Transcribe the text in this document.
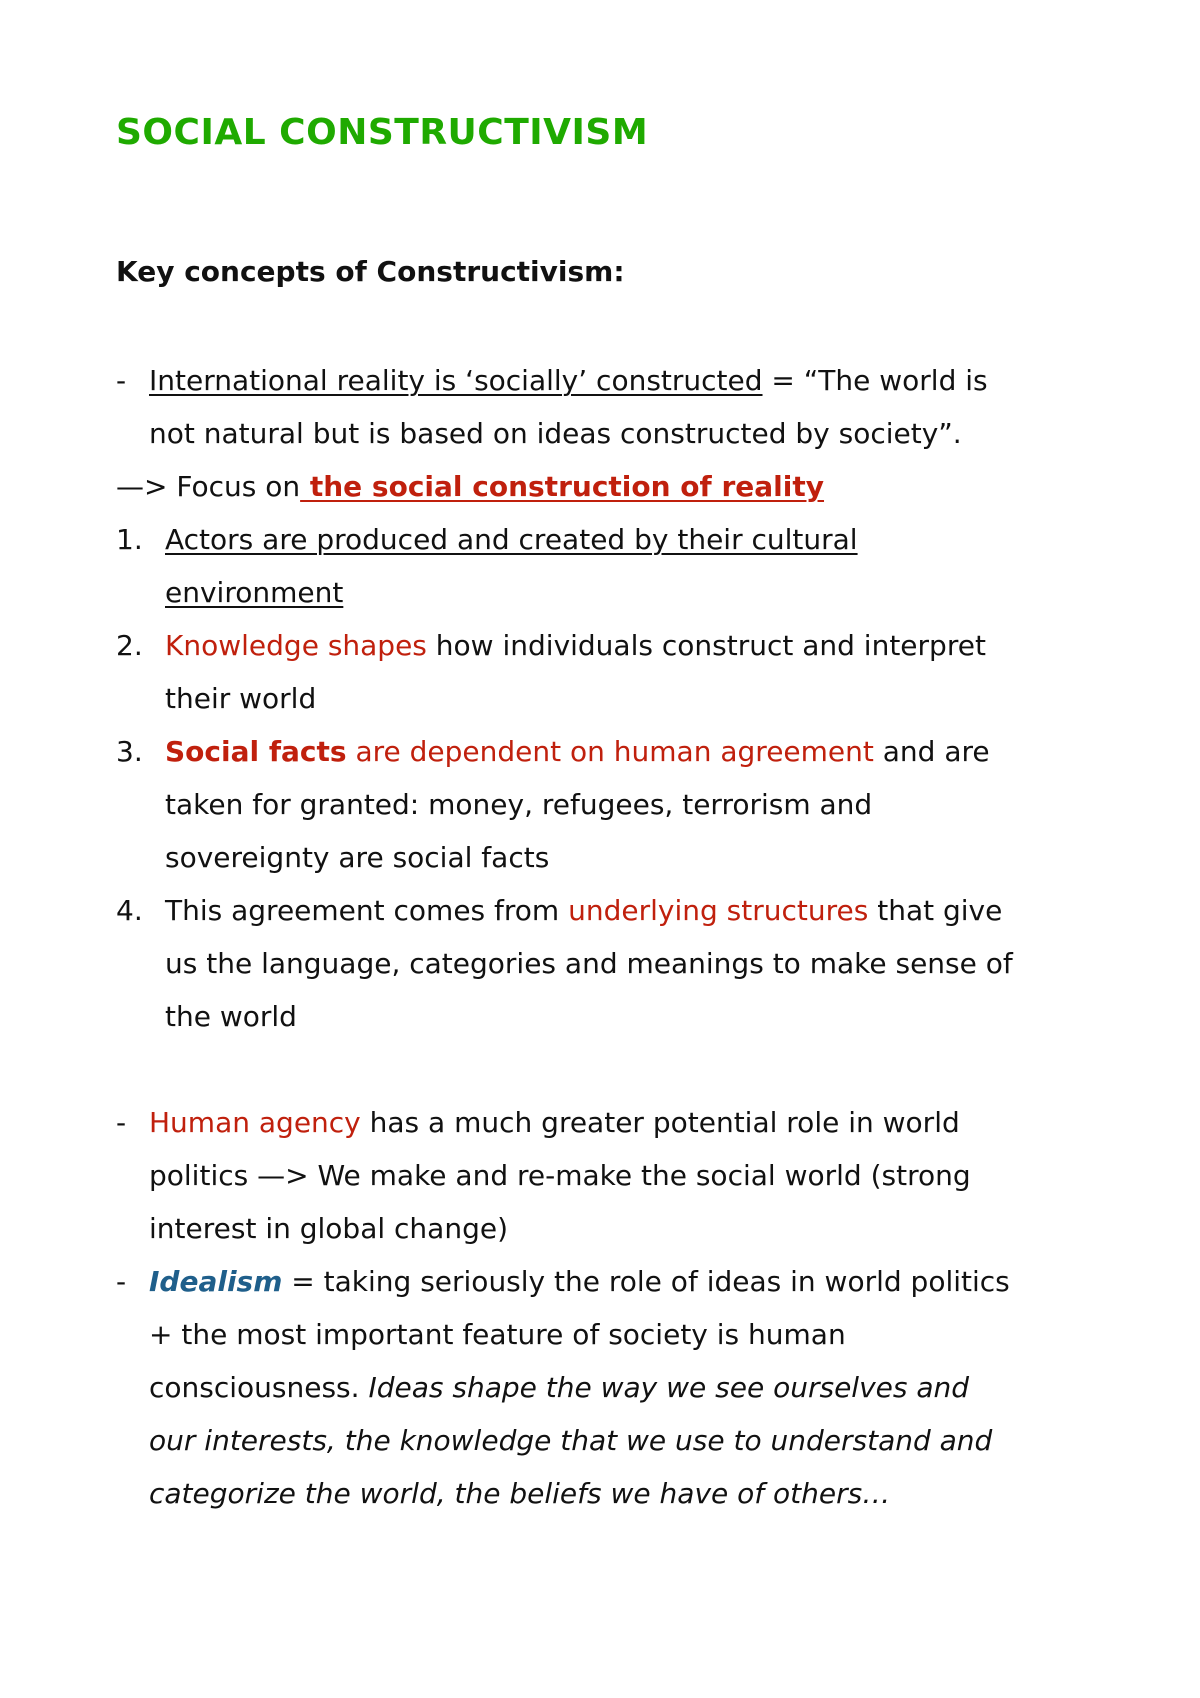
SOCIAL CONSTRUCTIVISM
Key concepts of Constructivism:
- International reality is ‘socially’ constructed = “The world is
not natural but is based on ideas constructed by society”.
—> Focus on the social construction of reality
1. Actors are produced and created by their cultural
environment
2. Knowledge shapes how individuals construct and interpret
their world
3. Social facts are dependent on human agreement and are
taken for granted: money, refugees, terrorism and
sovereignty are social facts
4. This agreement comes from underlying structures that give
us the language, categories and meanings to make sense of
the world
- Human agency has a much greater potential role in world
politics —> We make and re-make the social world (strong
interest in global change)
- Idealism = taking seriously the role of ideas in world politics
+ the most important feature of society is human
consciousness. Ideas shape the way we see ourselves and
our interests, the knowledge that we use to understand and
categorize the world, the beliefs we have of others…
